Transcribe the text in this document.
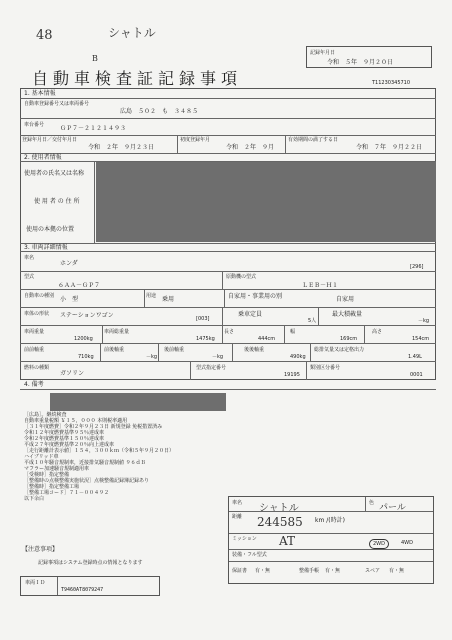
48	シャトル
B
記録年月日
令和　５年　９月２０日
自動車検査証記録事項	T11230345710
1. 基本情報
自動車登録番号又は車両番号
広島　５０２　も　３４８５
車台番号	ＧＰ７－２１２１４９３
登録年月日／交付年月日
令和　２年　９月２３日
初度登録年月
令和　２年　９月
有効期間の満了する日
令和　７年　９月２２日
2. 使用者情報
使用者の氏名又は名称
使 用 者 の 住 所
使用の本拠の位置
3. 車両詳細情報
車名
ホンダ	[296]
型式
６ＡＡ－ＧＰ７
原動機の型式
ＬＥＢ－Ｈ１
自動車の種別 小　型	用途 乗用	自家用・事業用の別	自家用
車体の形状 ステーションワゴン	[003]
乗車定員
5人
最大積載量
－kg
車両重量
1200kg
車両総重量
1475kg
長さ
444cm
幅
169cm
高さ
154cm
前前軸重
710kg
前後軸重
－kg
後前軸重
－kg
後後軸重
490kg
総排気量又は定格出力
1.49L
燃料の種類
ガソリン
型式指定番号
19195
類別区分番号
0001
4. 備考
［広島］。継続検査
自動車重量税額 ￥１５，０００ 本則税率適用
［３１年度燃費］令和２年９月２３日 新規登録 免税措置済み
令和１２年度燃費基準９５％達成車
令和２年度燃費基準１５０％達成車
平成２７年度燃費基準２０％向上達成車
［走行距離計表示値］１５４，３００ｋｍ（令和５年９月２０日）
ハイブリッド車
平成１０年騒音規制車，近接排気騒音規制値 ９６ｄＢ
マフラー加速騒音規制適用車
［受検時］指定整備
［整備時の点検整備実施状況］点検整備記録簿記録あり
［整備時］指定整備工場
［整備工場コード］７１－００４９２
以下余白
【注意事項】
記録事項はシステム登録時点の情報となります
車両ＩＤ
T9460AT8079247
車名 シャトル	色 パール
距離 244585 km /(時計)
ミッション AT	2WD	4WD
装備・フル型式
保証書 有・無	整備手帳 有・無	スペア 有・無
